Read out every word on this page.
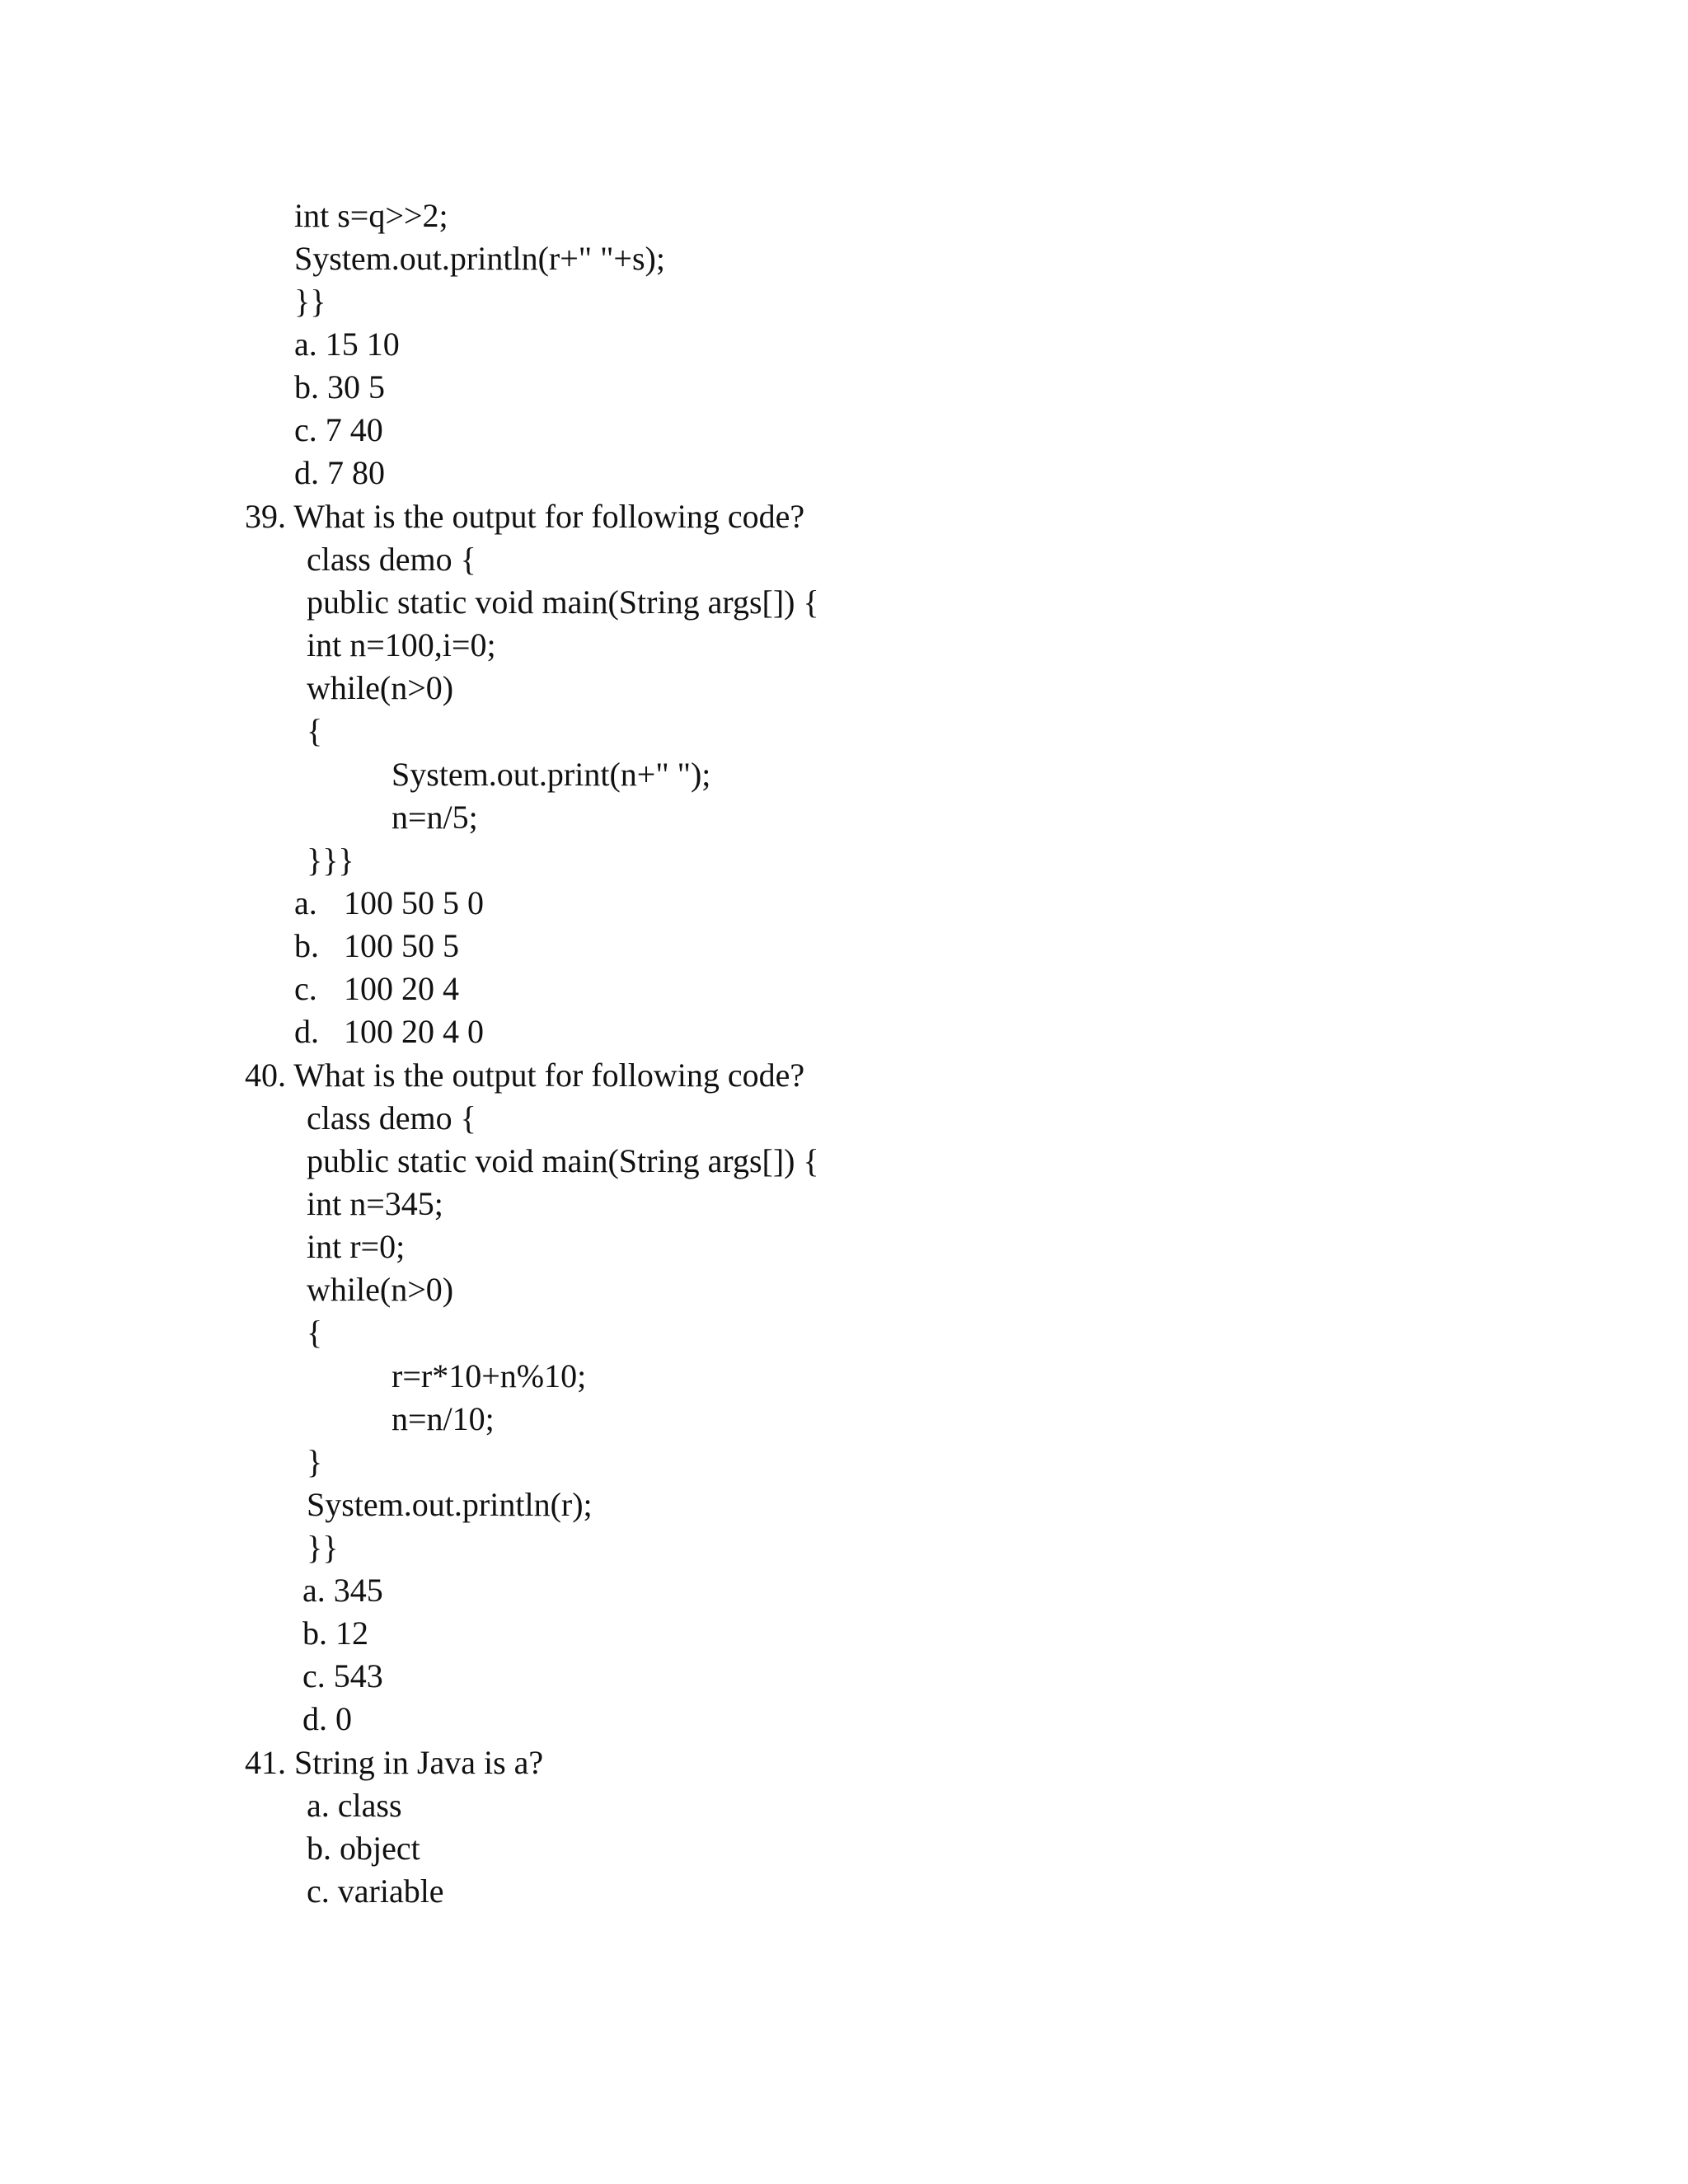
int s=q>>2;

System.out.println(r+" "+s);

}}

a. 15 10

b. 30 5

c. 7 40

d. 7 80

39. What is the output for following code?

class demo {

public static void main(String args[]) {

int n=100,i=0;

while(n>0)

{

System.out.print(n+" ");

n=n/5;

}}}

a. 100 50 5 0

b. 100 50 5

c. 100 20 4

d. 100 20 4 0

40. What is the output for following code?

class demo {

public static void main(String args[]) {

int n=345;

int r=0;

while(n>0)

{

r=r*10+n%10;

n=n/10;

}

System.out.println(r);

}}

a. 345

b. 12

c. 543

d. 0

41. String in Java is a?

a. class

b. object

c. variable
